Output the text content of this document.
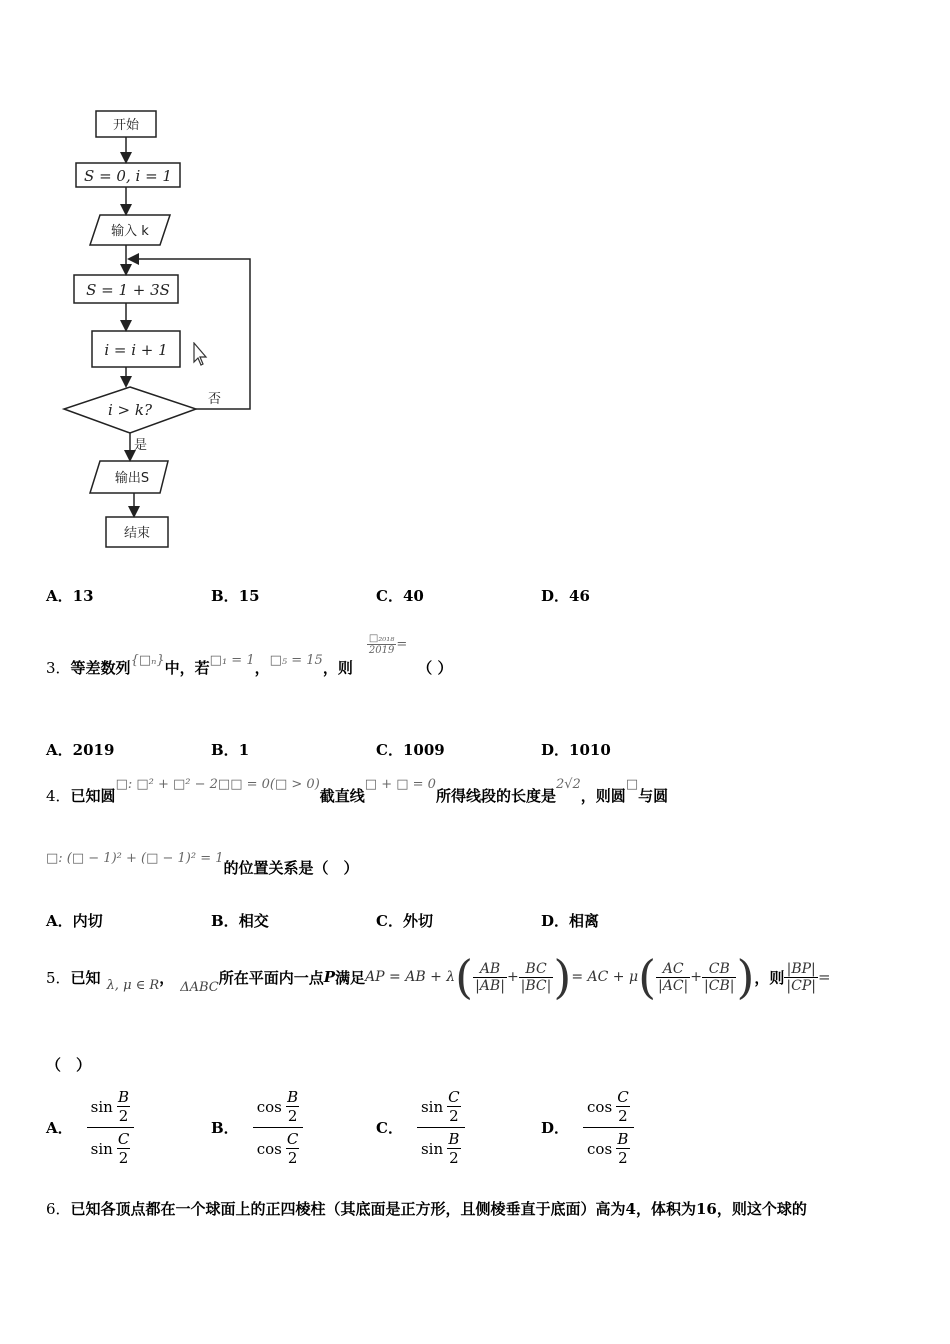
开始
S = 0, i = 1
输入 k
S = 1 + 3S
i = i + 1
i > k?
否
是
输出S
结束
A．13	B．15	C．40	D．46
3． 等差数列 {□ₙ} 中，若 □₁ = 1 ， □₅ = 15 ，则
$\frac{\text{□₂₀₁₈}}{2019}$ =
（ ）
A．2019	B．1	C．1009	D．1010
4． 已知圆
□: □² + □² − 2□□ = 0(□ > 0)
截直线
□ + □ = 0
所得线段的长度是
2√2
，则圆
□
与圆
□: (□ − 1)² + (□ − 1)² = 1
的位置关系是（　）
A．内切	B．相交	C．外切	D．相离
5． 已知 λ, μ ∈ R ，
ΔABC
所在平面内一点 P 满足 AP = AB + λ ( $\frac{AB}{|AB|} + \frac{BC}{|BC|}$ ) = AC + μ ( $\frac{AC}{|AC|} + \frac{CB}{|CB|}$ ) ，则 $\frac{|BP|}{|CP|}$ =
（　）
A．
sin
B
2
sin
C
2
B．
cos
B
2
cos
C
2
C．
sin
C
2
sin
B
2
D．
cos
C
2
cos
B
2
6．已知各顶点都在一个球面上的正四棱柱（其底面是正方形，且侧棱垂直于底面）高为4，体积为16，则这个球的
